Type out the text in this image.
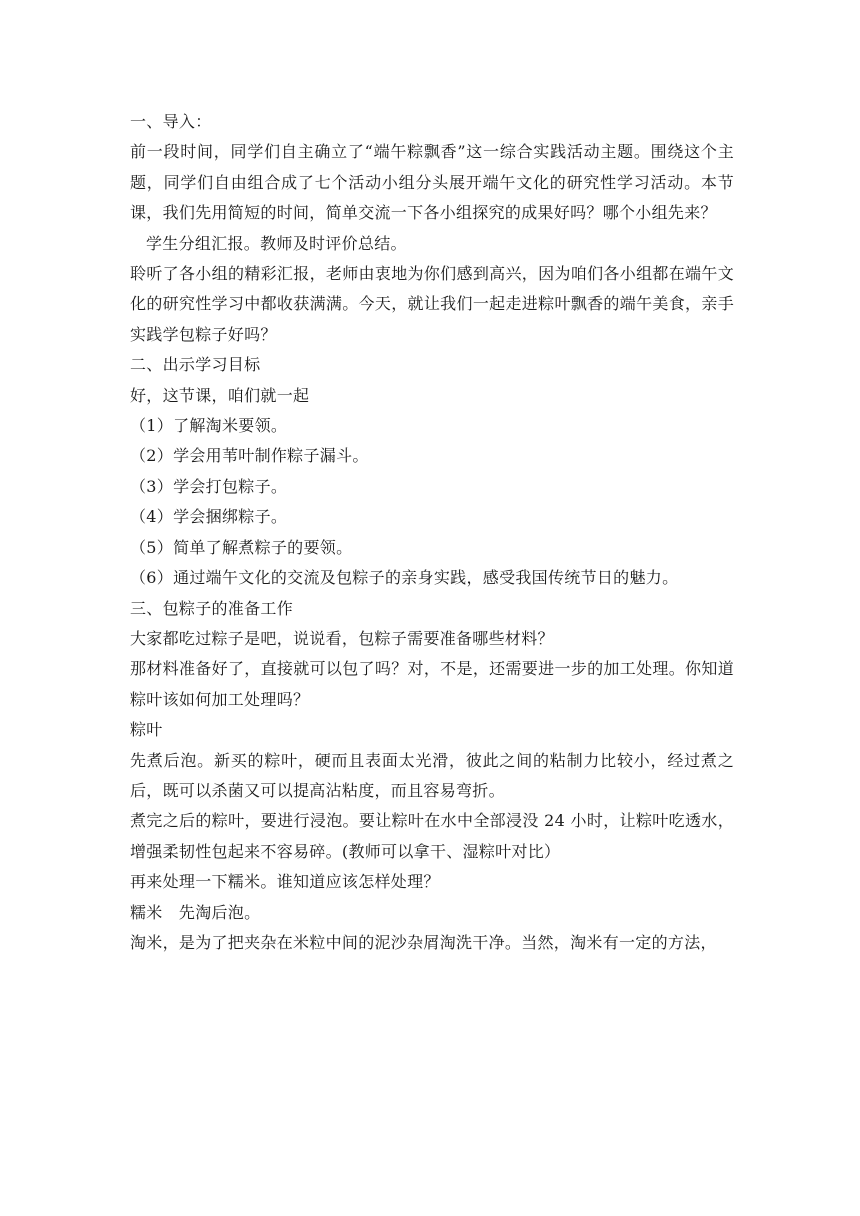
一、导入：

前一段时间，同学们自主确立了“端午粽飘香”这一综合实践活动主题。围绕这个主题，同学们自由组合成了七个活动小组分头展开端午文化的研究性学习活动。本节课，我们先用简短的时间，简单交流一下各小组探究的成果好吗？哪个小组先来？

学生分组汇报。教师及时评价总结。

聆听了各小组的精彩汇报，老师由衷地为你们感到高兴，因为咱们各小组都在端午文化的研究性学习中都收获满满。今天，就让我们一起走进粽叶飘香的端午美食，亲手实践学包粽子好吗？

二、出示学习目标

好，这节课，咱们就一起

（1）了解淘米要领。

（2）学会用苇叶制作粽子漏斗。

（3）学会打包粽子。

（4）学会捆绑粽子。

（5）简单了解煮粽子的要领。

（6）通过端午文化的交流及包粽子的亲身实践，感受我国传统节日的魅力。

三、包粽子的准备工作

大家都吃过粽子是吧，说说看，包粽子需要准备哪些材料？

那材料准备好了，直接就可以包了吗？对，不是，还需要进一步的加工处理。你知道粽叶该如何加工处理吗？

粽叶

先煮后泡。新买的粽叶，硬而且表面太光滑，彼此之间的粘制力比较小，经过煮之后，既可以杀菌又可以提高沾粘度，而且容易弯折。

煮完之后的粽叶，要进行浸泡。要让粽叶在水中全部浸没 24 小时，让粽叶吃透水，增强柔韧性包起来不容易碎。(教师可以拿干、湿粽叶对比）

再来处理一下糯米。谁知道应该怎样处理？

糯米　先淘后泡。

淘米，是为了把夹杂在米粒中间的泥沙杂屑淘洗干净。当然，淘米有一定的方法，
